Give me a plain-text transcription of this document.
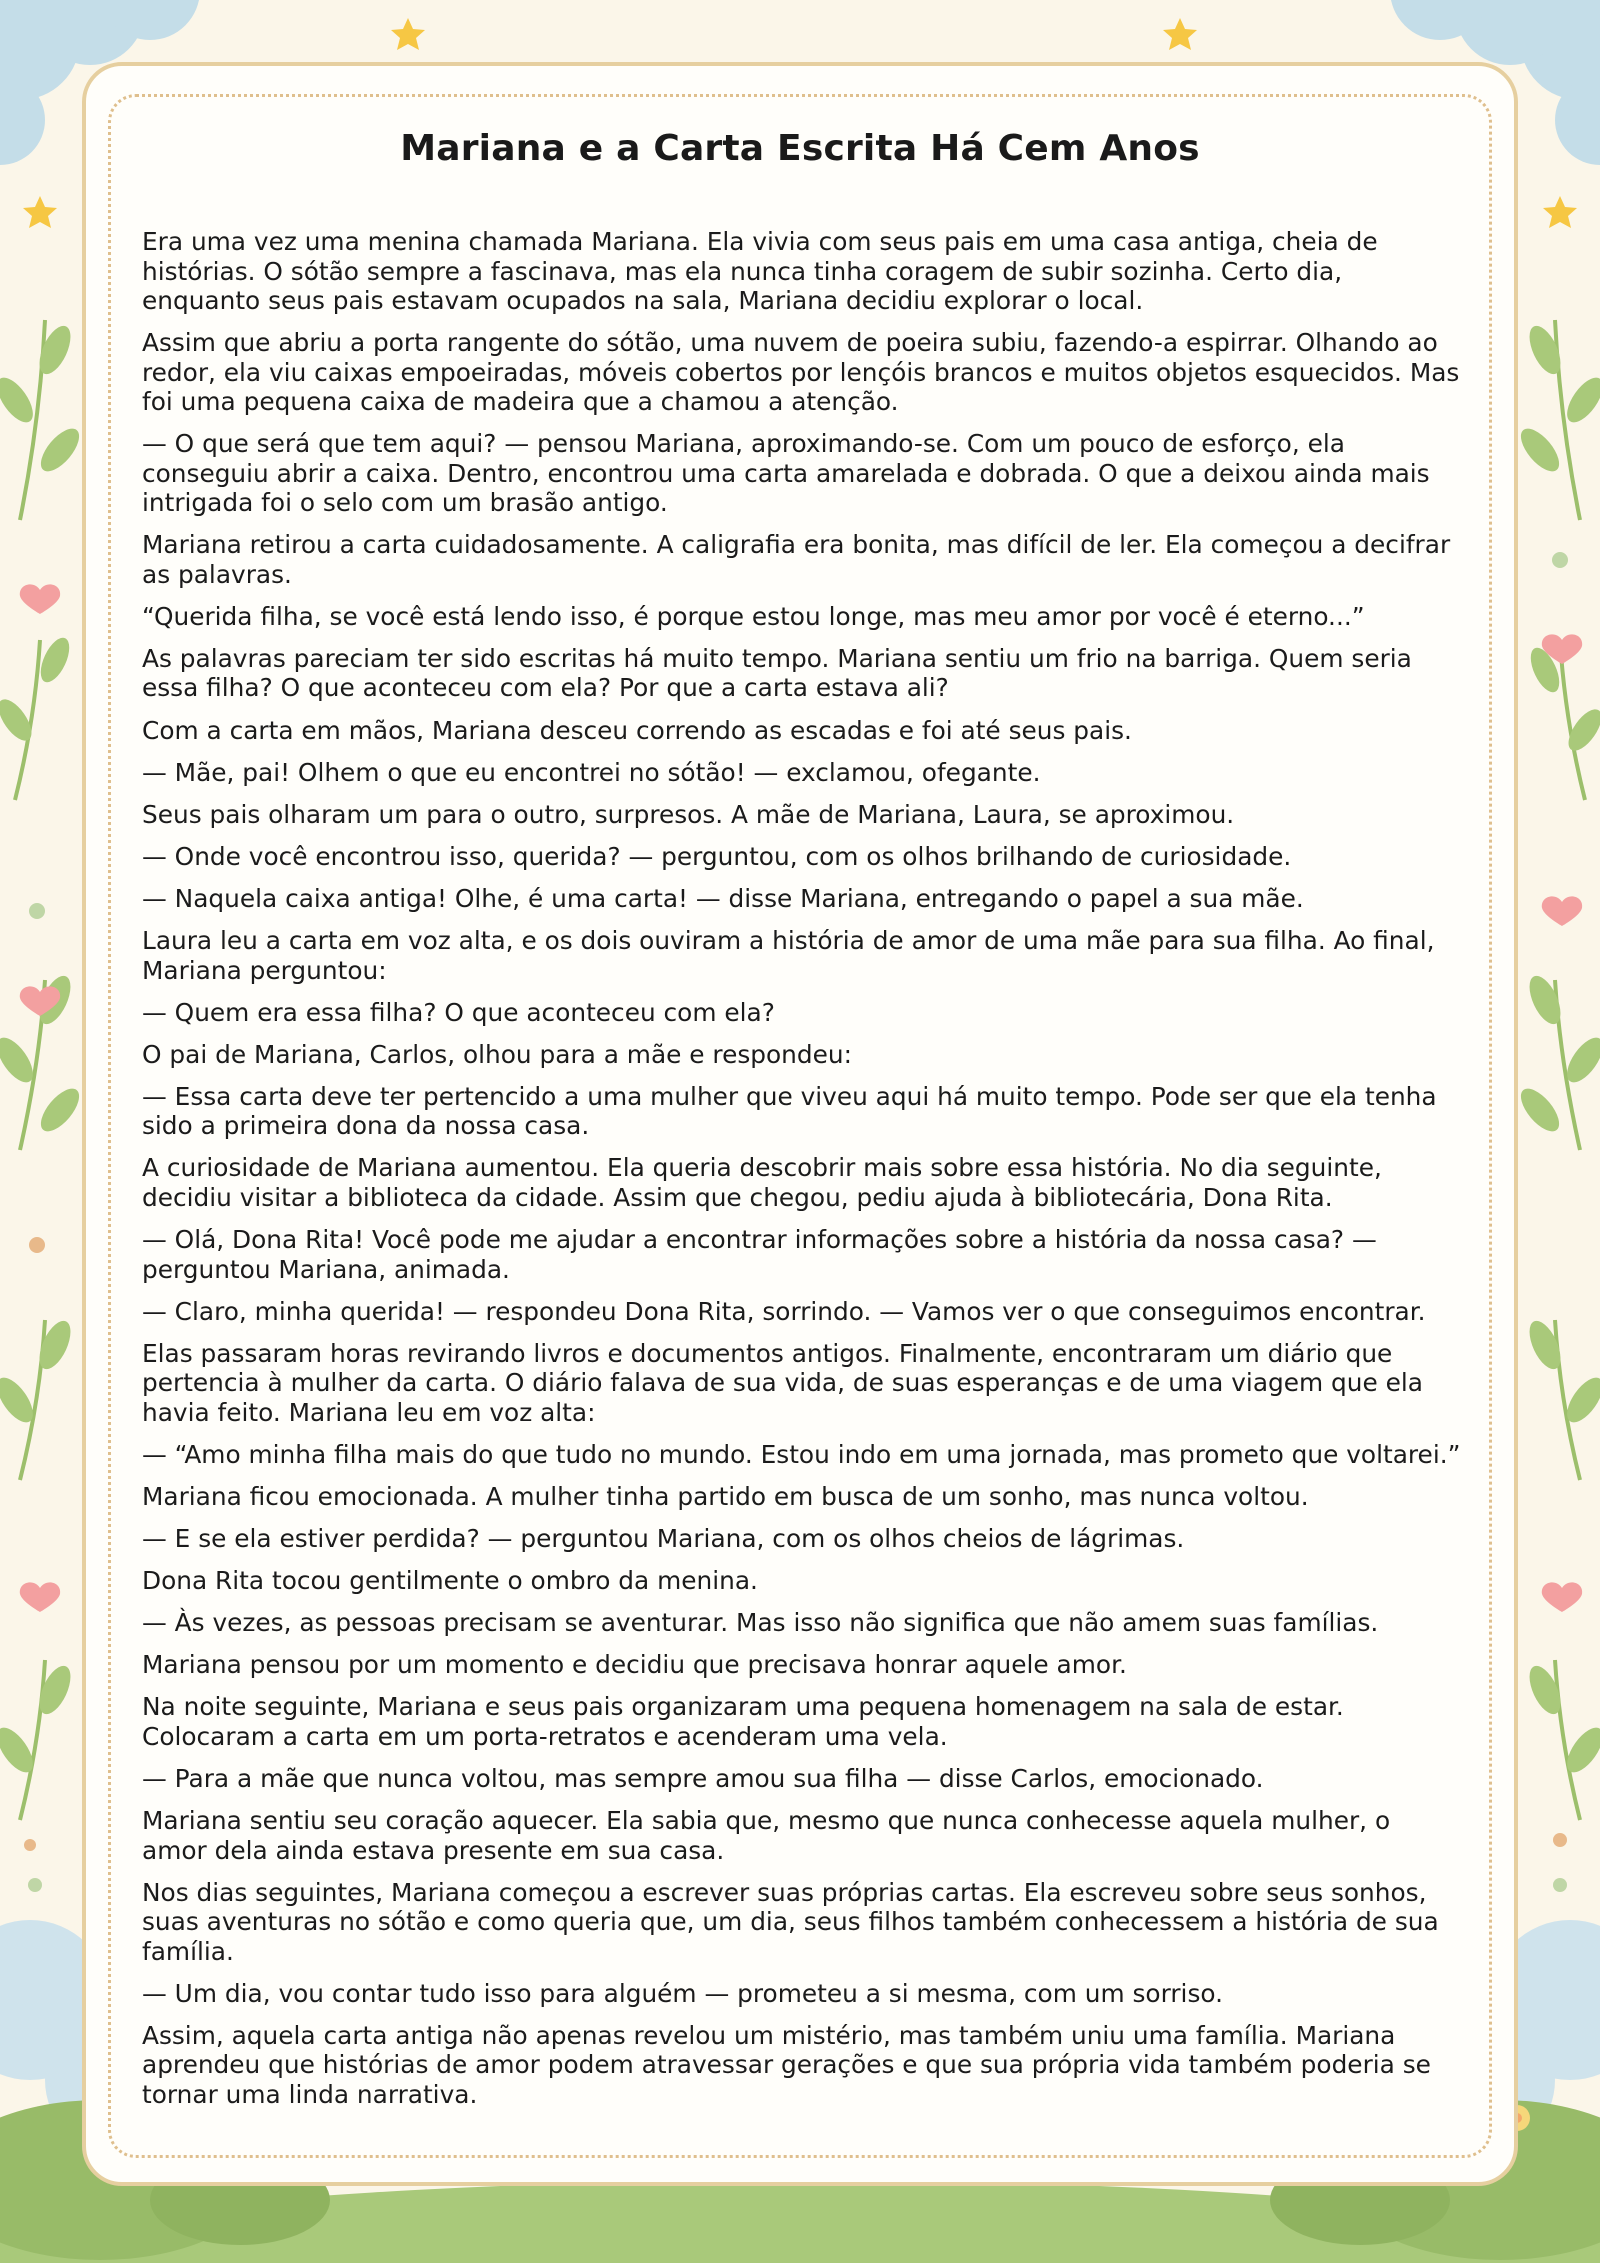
Mariana e a Carta Escrita Há Cem Anos

Era uma vez uma menina chamada Mariana. Ela vivia com seus pais em uma casa antiga, cheia de histórias. O sótão sempre a fascinava, mas ela nunca tinha coragem de subir sozinha. Certo dia, enquanto seus pais estavam ocupados na sala, Mariana decidiu explorar o local.

Assim que abriu a porta rangente do sótão, uma nuvem de poeira subiu, fazendo-a espirrar. Olhando ao redor, ela viu caixas empoeiradas, móveis cobertos por lençóis brancos e muitos objetos esquecidos. Mas foi uma pequena caixa de madeira que a chamou a atenção.

— O que será que tem aqui? — pensou Mariana, aproximando-se. Com um pouco de esforço, ela conseguiu abrir a caixa. Dentro, encontrou uma carta amarelada e dobrada. O que a deixou ainda mais intrigada foi o selo com um brasão antigo.

Mariana retirou a carta cuidadosamente. A caligrafia era bonita, mas difícil de ler. Ela começou a decifrar as palavras.

“Querida filha, se você está lendo isso, é porque estou longe, mas meu amor por você é eterno...”

As palavras pareciam ter sido escritas há muito tempo. Mariana sentiu um frio na barriga. Quem seria essa filha? O que aconteceu com ela? Por que a carta estava ali?

Com a carta em mãos, Mariana desceu correndo as escadas e foi até seus pais.

— Mãe, pai! Olhem o que eu encontrei no sótão! — exclamou, ofegante.

Seus pais olharam um para o outro, surpresos. A mãe de Mariana, Laura, se aproximou.

— Onde você encontrou isso, querida? — perguntou, com os olhos brilhando de curiosidade.

— Naquela caixa antiga! Olhe, é uma carta! — disse Mariana, entregando o papel a sua mãe.

Laura leu a carta em voz alta, e os dois ouviram a história de amor de uma mãe para sua filha. Ao final, Mariana perguntou:

— Quem era essa filha? O que aconteceu com ela?

O pai de Mariana, Carlos, olhou para a mãe e respondeu:

— Essa carta deve ter pertencido a uma mulher que viveu aqui há muito tempo. Pode ser que ela tenha sido a primeira dona da nossa casa.

A curiosidade de Mariana aumentou. Ela queria descobrir mais sobre essa história. No dia seguinte, decidiu visitar a biblioteca da cidade. Assim que chegou, pediu ajuda à bibliotecária, Dona Rita.

— Olá, Dona Rita! Você pode me ajudar a encontrar informações sobre a história da nossa casa? — perguntou Mariana, animada.

— Claro, minha querida! — respondeu Dona Rita, sorrindo. — Vamos ver o que conseguimos encontrar.

Elas passaram horas revirando livros e documentos antigos. Finalmente, encontraram um diário que pertencia à mulher da carta. O diário falava de sua vida, de suas esperanças e de uma viagem que ela havia feito. Mariana leu em voz alta:

— “Amo minha filha mais do que tudo no mundo. Estou indo em uma jornada, mas prometo que voltarei.”

Mariana ficou emocionada. A mulher tinha partido em busca de um sonho, mas nunca voltou.

— E se ela estiver perdida? — perguntou Mariana, com os olhos cheios de lágrimas.

Dona Rita tocou gentilmente o ombro da menina.

— Às vezes, as pessoas precisam se aventurar. Mas isso não significa que não amem suas famílias.

Mariana pensou por um momento e decidiu que precisava honrar aquele amor.

Na noite seguinte, Mariana e seus pais organizaram uma pequena homenagem na sala de estar. Colocaram a carta em um porta-retratos e acenderam uma vela.

— Para a mãe que nunca voltou, mas sempre amou sua filha — disse Carlos, emocionado.

Mariana sentiu seu coração aquecer. Ela sabia que, mesmo que nunca conhecesse aquela mulher, o amor dela ainda estava presente em sua casa.

Nos dias seguintes, Mariana começou a escrever suas próprias cartas. Ela escreveu sobre seus sonhos, suas aventuras no sótão e como queria que, um dia, seus filhos também conhecessem a história de sua família.

— Um dia, vou contar tudo isso para alguém — prometeu a si mesma, com um sorriso.

Assim, aquela carta antiga não apenas revelou um mistério, mas também uniu uma família. Mariana aprendeu que histórias de amor podem atravessar gerações e que sua própria vida também poderia se tornar uma linda narrativa.
